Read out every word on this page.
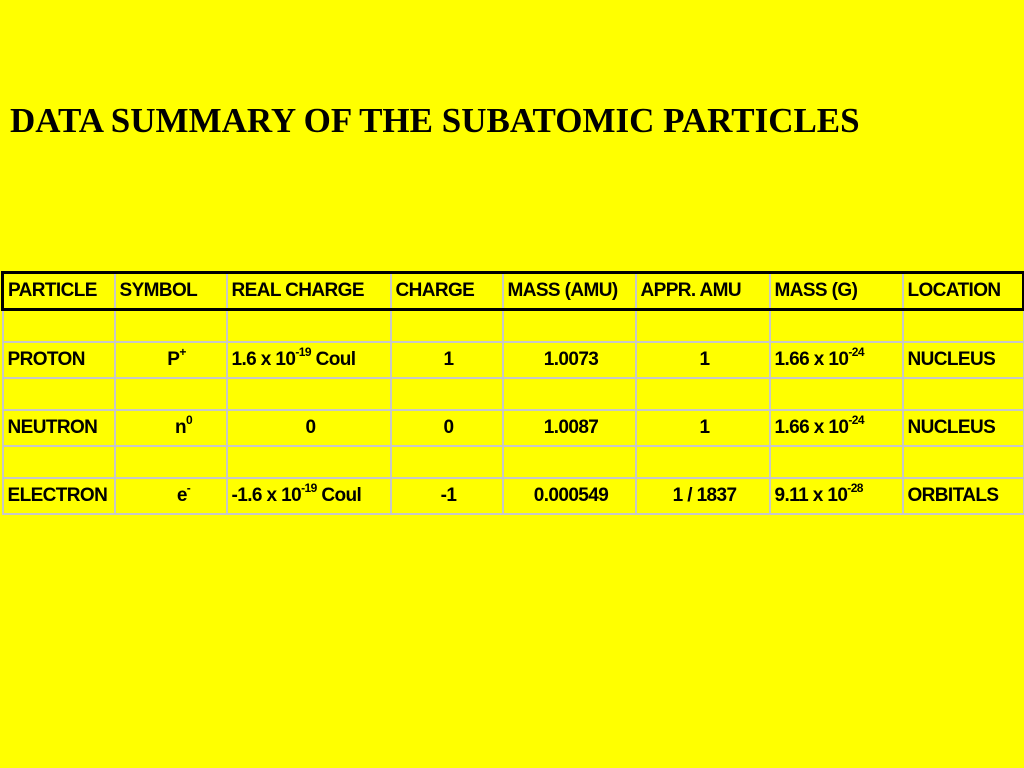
DATA SUMMARY OF THE SUBATOMIC PARTICLES
PARTICLE	SYMBOL	REAL CHARGE	CHARGE	MASS (AMU)	APPR. AMU	MASS (G)	LOCATION

PROTON	P+	1.6 x $10^{-19}$ Coul	1	1.0073	1	1.66 x $10^{-24}$	NUCLEUS

NEUTRON	$n^0$	0	0	1.0087	1	1.66 x $10^{-24}$	NUCLEUS

ELECTRON	e-	-1.6 x $10^{-19}$ Coul	-1	0.000549	1 / 1837	9.11 x $10^{-28}$	ORBITALS
